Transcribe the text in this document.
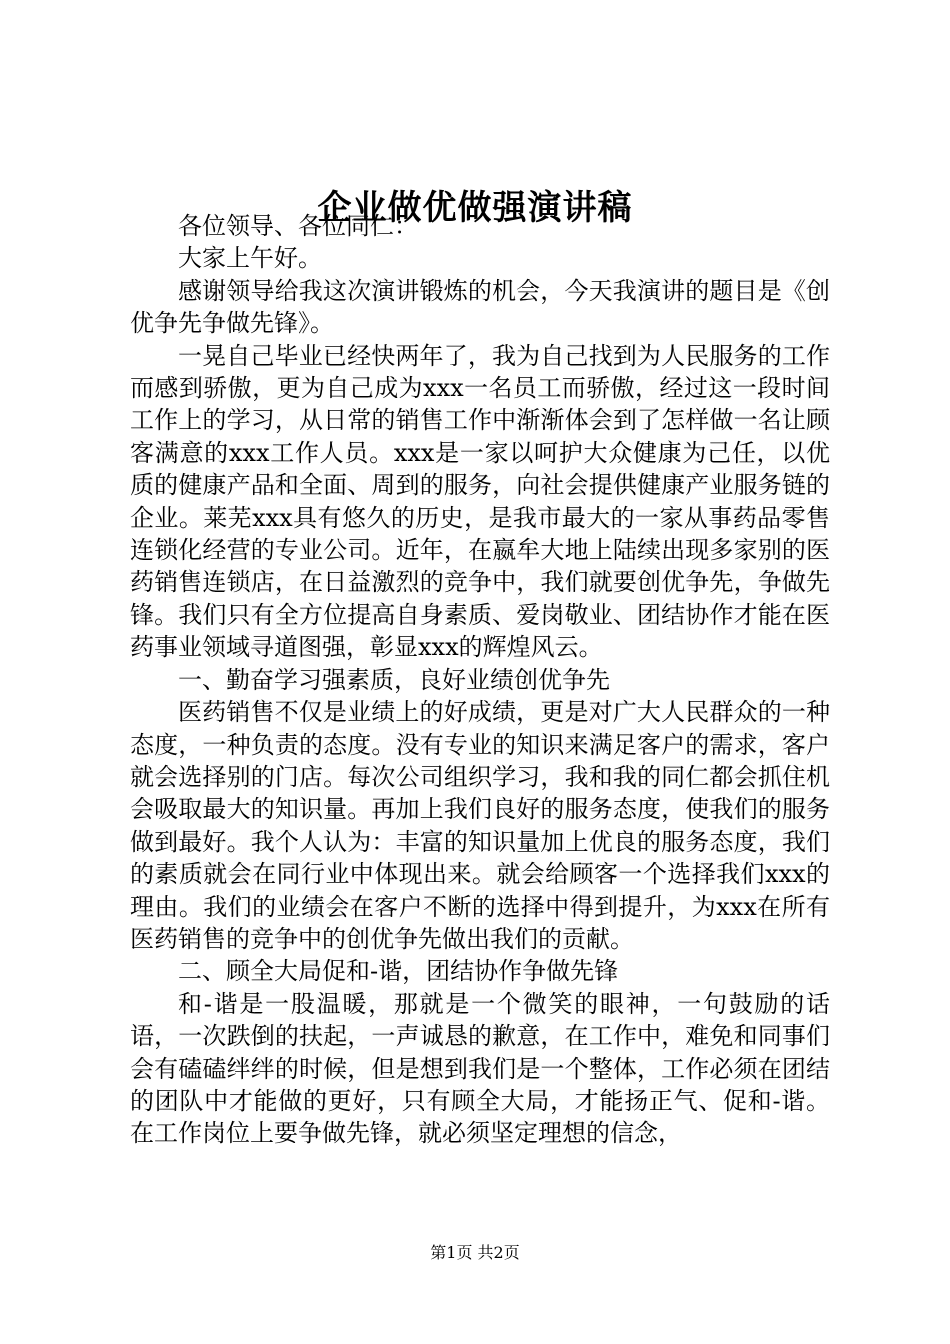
企业做优做强演讲稿

各位领导、各位同仁：

大家上午好。

感谢领导给我这次演讲锻炼的机会，今天我演讲的题目是《创优争先争做先锋》。

一晃自己毕业已经快两年了，我为自己找到为人民服务的工作而感到骄傲，更为自己成为xxx一名员工而骄傲，经过这一段时间工作上的学习，从日常的销售工作中渐渐体会到了怎样做一名让顾客满意的xxx工作人员。xxx是一家以呵护大众健康为己任，以优质的健康产品和全面、周到的服务，向社会提供健康产业服务链的企业。莱芜xxx具有悠久的历史，是我市最大的一家从事药品零售连锁化经营的专业公司。近年，在嬴牟大地上陆续出现多家别的医药销售连锁店，在日益激烈的竞争中，我们就要创优争先，争做先锋。我们只有全方位提高自身素质、爱岗敬业、团结协作才能在医药事业领域寻道图强，彰显xxx的辉煌风云。

一、勤奋学习强素质，良好业绩创优争先

医药销售不仅是业绩上的好成绩，更是对广大人民群众的一种态度，一种负责的态度。没有专业的知识来满足客户的需求，客户就会选择别的门店。每次公司组织学习，我和我的同仁都会抓住机会吸取最大的知识量。再加上我们良好的服务态度，使我们的服务做到最好。我个人认为：丰富的知识量加上优良的服务态度，我们的素质就会在同行业中体现出来。就会给顾客一个选择我们xxx的理由。我们的业绩会在客户不断的选择中得到提升，为xxx在所有医药销售的竞争中的创优争先做出我们的贡献。

二、顾全大局促和-谐，团结协作争做先锋

和-谐是一股温暖，那就是一个微笑的眼神，一句鼓励的话语，一次跌倒的扶起，一声诚恳的歉意，在工作中，难免和同事们会有磕磕绊绊的时候，但是想到我们是一个整体，工作必须在团结的团队中才能做的更好，只有顾全大局，才能扬正气、促和-谐。在工作岗位上要争做先锋，就必须坚定理想的信念，

第1页 共2页
